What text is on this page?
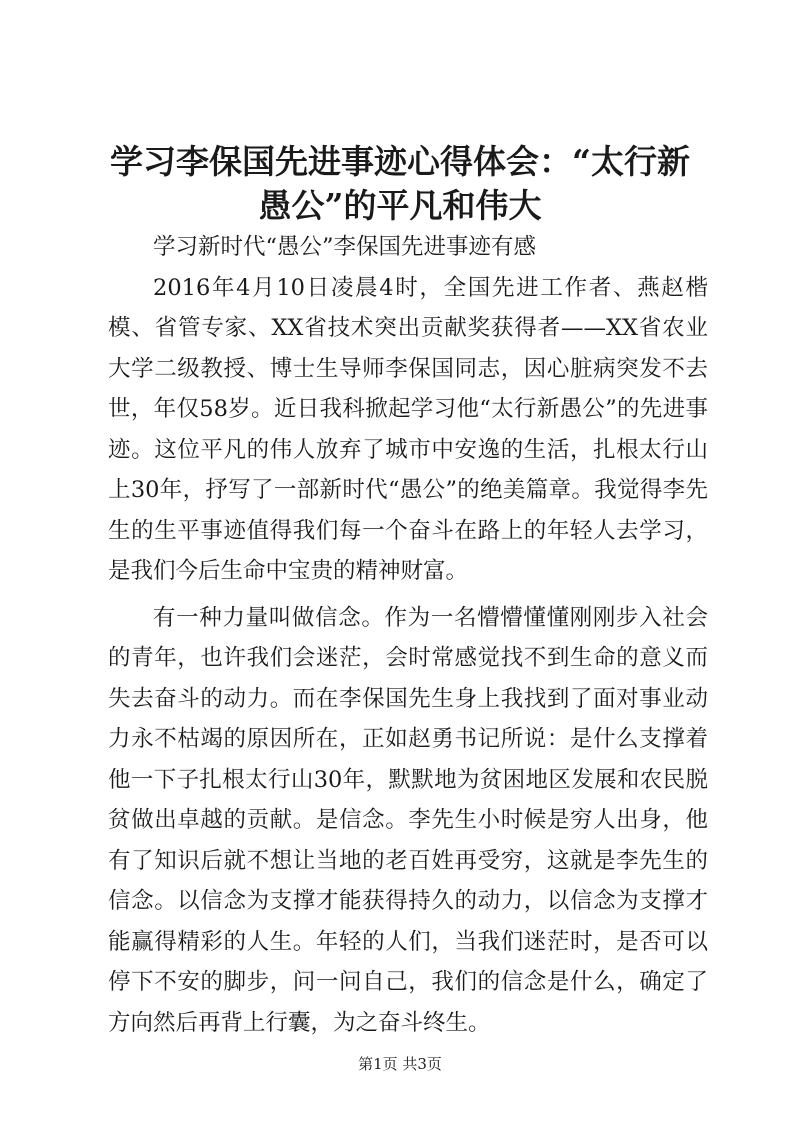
学习李保国先进事迹心得体会：“太行新愚公”的平凡和伟大

学习新时代“愚公”李保国先进事迹有感

2016年4月10日凌晨4时，全国先进工作者、燕赵楷模、省管专家、XX省技术突出贡献奖获得者——XX省农业大学二级教授、博士生导师李保国同志，因心脏病突发不去世，年仅58岁。近日我科掀起学习他“太行新愚公”的先进事迹。这位平凡的伟人放弃了城市中安逸的生活，扎根太行山上30年，抒写了一部新时代“愚公”的绝美篇章。我觉得李先生的生平事迹值得我们每一个奋斗在路上的年轻人去学习，是我们今后生命中宝贵的精神财富。

有一种力量叫做信念。作为一名懵懵懂懂刚刚步入社会的青年，也许我们会迷茫，会时常感觉找不到生命的意义而失去奋斗的动力。而在李保国先生身上我找到了面对事业动力永不枯竭的原因所在，正如赵勇书记所说：是什么支撑着他一下子扎根太行山30年，默默地为贫困地区发展和农民脱贫做出卓越的贡献。是信念。李先生小时候是穷人出身，他有了知识后就不想让当地的老百姓再受穷，这就是李先生的信念。以信念为支撑才能获得持久的动力，以信念为支撑才能赢得精彩的人生。年轻的人们，当我们迷茫时，是否可以停下不安的脚步，问一问自己，我们的信念是什么，确定了方向然后再背上行囊，为之奋斗终生。

第1页 共3页
